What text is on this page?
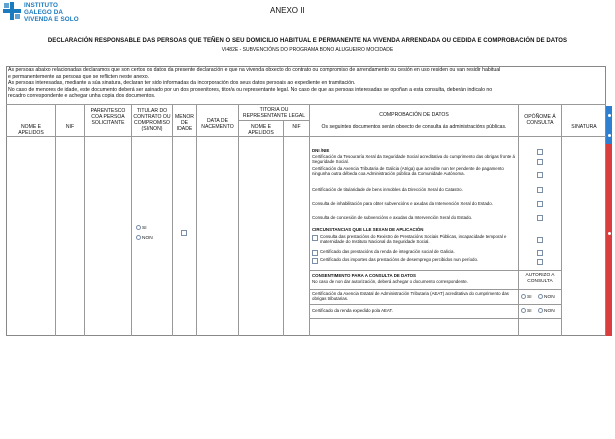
INSTITUTO
GALEGO DA
VIVENDA E SOLO
ANEXO II
DECLARACIÓN RESPONSABLE DAS PERSOAS QUE TEÑEN O SEU DOMICILIO HABITUAL E PERMANENTE NA VIVENDA ARRENDADA OU CEDIDA E COMPROBACIÓN DE DATOS
VI482E - SUBVENCIÓNS DO PROGRAMA BONO ALUGUEIRO MOCIDADE
As persoas abaixo relacionadas declaramos que son certos os datos da presente declaración e que na vivenda obxecto do contrato ou compromiso de arrendamento ou cesión en uso residen ou van residir habitual
e permanentemente as persoas que se reflicten neste anexo.
As persoas interesadas, mediante a súa sinatura, declaran ter sido informadas da incorporación dos seus datos persoais ao expediente en tramitación.
No caso de menores de idade, este documento deberá ser asinado por un dos proxenitores, titor/a ou representante legal. No caso de que as persoas interesadas se opoñan a esta consulta, deberán indicalo no
recadro correspondente e achegar unha copia dos documentos.
NOME E APELIDOS
NIF
PARENTESCO COA PERSOA SOLICITANTE
TITULAR DO CONTRATO OU COMPROMISO (SI/NON)
MENOR DE IDADE
DATA DE NACEMENTO
TITOR/A OU REPRESENTANTE LEGAL
NOME E APELIDOS
NIF
COMPROBACIÓN DE DATOS
Os seguintes documentos serán obxecto de consulta ás administracións públicas.
OPÓÑOME Á CONSULTA
SINATURA
SI
NON
DNI /NIE
Certificación da Tesouraría Xeral da Seguridade Social acreditativa do cumprimento das obrigas fronte á Seguridade Social.
Certificación da Axencia Tributaria de Galicia (Atriga) que acredite non ter pendente de pagamento ningunha outra débeda coa Administración pública da Comunidade Autónoma.
Certificación de titularidade de bens inmobles da Dirección Xeral do Catastro.
Consulta de inhabilitación para obter subvencións e axudas da Intervención Xeral do Estado.
Consulta de concesión de subvencións e axudas da Intervención Xeral do Estado.
CIRCUNSTANCIAS QUE LLE SEXAN DE APLICACIÓN
Consulta das prestacións do Rexistro de Prestacións Sociais Públicas, incapacidade temporal e maternidade do Instituto Nacional da Seguridade Social.
Certificado das prestacións da renda de integración social de Galicia.
Certificado dos importes das prestacións de desemprego percibidos nun período.
CONSENTIMENTO PARA A CONSULTA DE DATOS
No caso de non dar autorización, deberá achegar o documento correspondente.
AUTORIZO A CONSULTA
Certificación da Axencia Estatal de Administración Tributaria (AEAT) acreditativa do cumprimento das obrigas tributarias.
Certificado da renda expedido pola AEAT.
SI	NON
SI	NON
